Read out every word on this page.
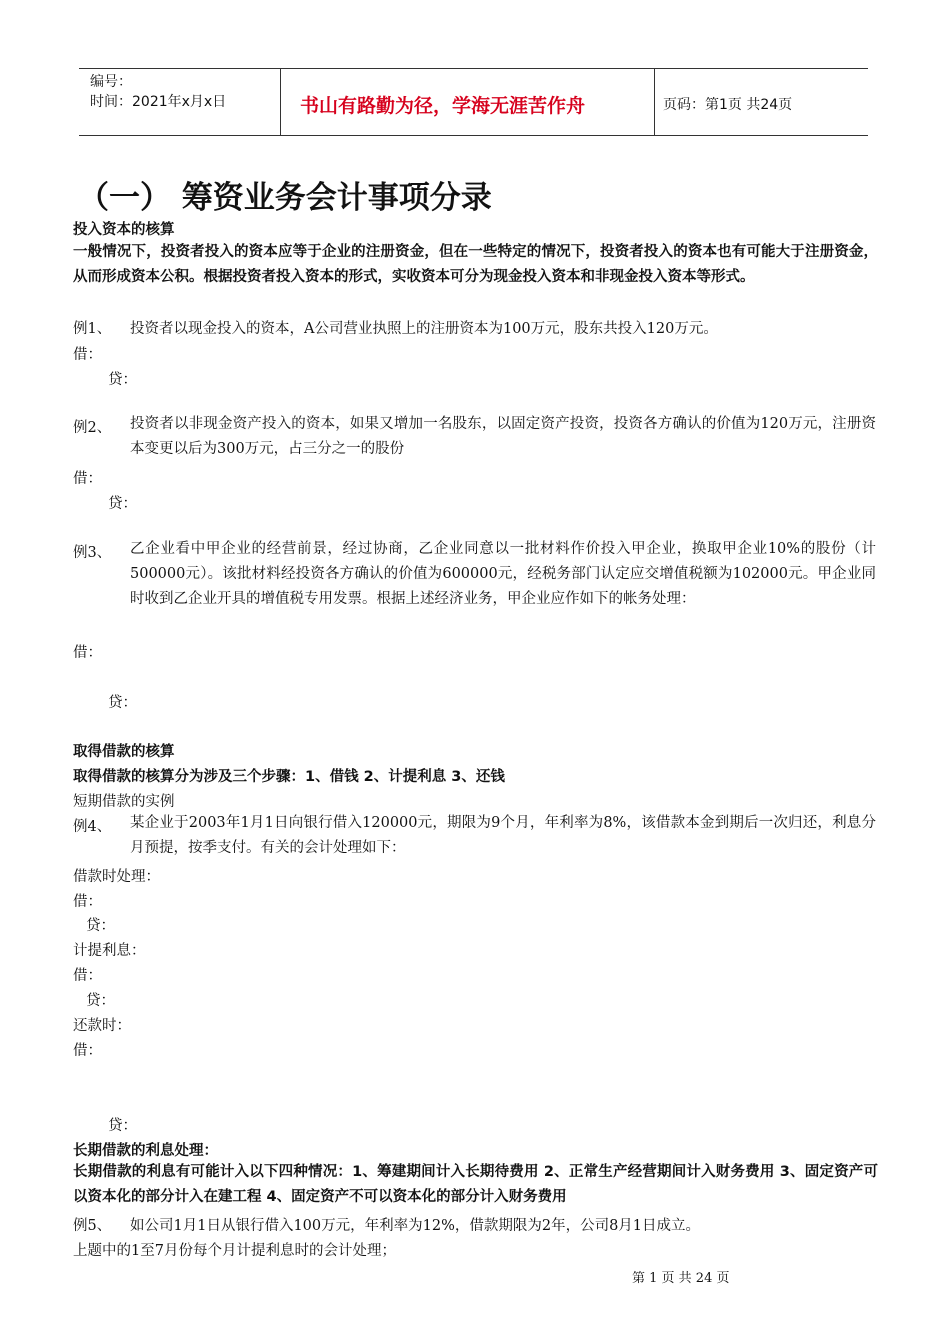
编号：
时间：2021年x月x日	书山有路勤为径，学海无涯苦作舟	页码：第1页 共24页
（一） 筹资业务会计事项分录
投入资本的核算
一般情况下，投资者投入的资本应等于企业的注册资金，但在一些特定的情况下，投资者投入的资本也有可能大于注册资金，从而形成资本公积。根据投资者投入资本的形式，实收资本可分为现金投入资本和非现金投入资本等形式。
例1、 投资者以现金投入的资本，A公司营业执照上的注册资本为100万元，股东共投入120万元。
借：
贷：
例2、 投资者以非现金资产投入的资本，如果又增加一名股东，以固定资产投资，投资各方确认的价值为120万元，注册资本变更以后为300万元，占三分之一的股份
借：
贷：
例3、 乙企业看中甲企业的经营前景，经过协商，乙企业同意以一批材料作价投入甲企业，换取甲企业10%的股份（计500000元）。该批材料经投资各方确认的价值为600000元，经税务部门认定应交增值税额为102000元。甲企业同时收到乙企业开具的增值税专用发票。根据上述经济业务，甲企业应作如下的帐务处理：
借：
贷：
取得借款的核算
取得借款的核算分为涉及三个步骤：1、借钱 2、计提利息 3、还钱
短期借款的实例
例4、 某企业于2003年1月1日向银行借入120000元，期限为9个月，年利率为8%，该借款本金到期后一次归还，利息分月预提，按季支付。有关的会计处理如下：
借款时处理：
借：
贷：
计提利息：
借：
贷：
还款时：
借：
贷：
长期借款的利息处理：
长期借款的利息有可能计入以下四种情况：1、筹建期间计入长期待费用 2、正常生产经营期间计入财务费用 3、固定资产可以资本化的部分计入在建工程 4、固定资产不可以资本化的部分计入财务费用
例5、 如公司1月1日从银行借入100万元，年利率为12%，借款期限为2年，公司8月1日成立。
上题中的1至7月份每个月计提利息时的会计处理；
第 1 页 共 24 页
